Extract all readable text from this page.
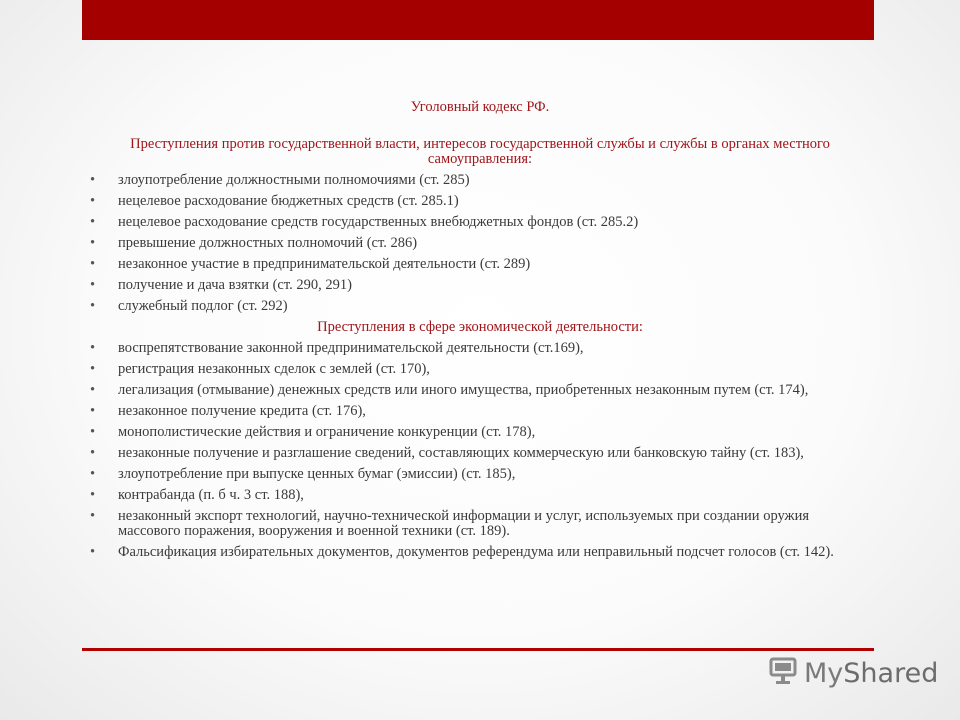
Уголовный кодекс РФ.

Преступления против государственной власти, интересов государственной службы и службы в органах местного самоуправления:

• злоупотребление должностными полномочиями (ст. 285)
• нецелевое расходование бюджетных средств (ст. 285.1)
• нецелевое расходование средств государственных внебюджетных фондов (ст. 285.2)
• превышение должностных полномочий (ст. 286)
• незаконное участие в предпринимательской деятельности (ст. 289)
• получение и дача взятки (ст. 290, 291)
• служебный подлог (ст. 292)

Преступления в сфере экономической деятельности:

• воспрепятствование законной предпринимательской деятельности (ст.169),
• регистрация незаконных сделок с землей (ст. 170),
• легализация (отмывание) денежных средств или иного имущества, приобретенных незаконным путем (ст. 174),
• незаконное получение кредита (ст. 176),
• монополистические действия и ограничение конкуренции (ст. 178),
• незаконные получение и разглашение сведений, составляющих коммерческую или банковскую тайну (ст. 183),
• злоупотребление при выпуске ценных бумаг (эмиссии) (ст. 185),
• контрабанда (п. б ч. 3 ст. 188),
• незаконный экспорт технологий, научно-технической информации и услуг, используемых при создании оружия массового поражения, вооружения и военной техники (ст. 189).
• Фальсификация избирательных документов, документов референдума или неправильный подсчет голосов (ст. 142).
MyShared
